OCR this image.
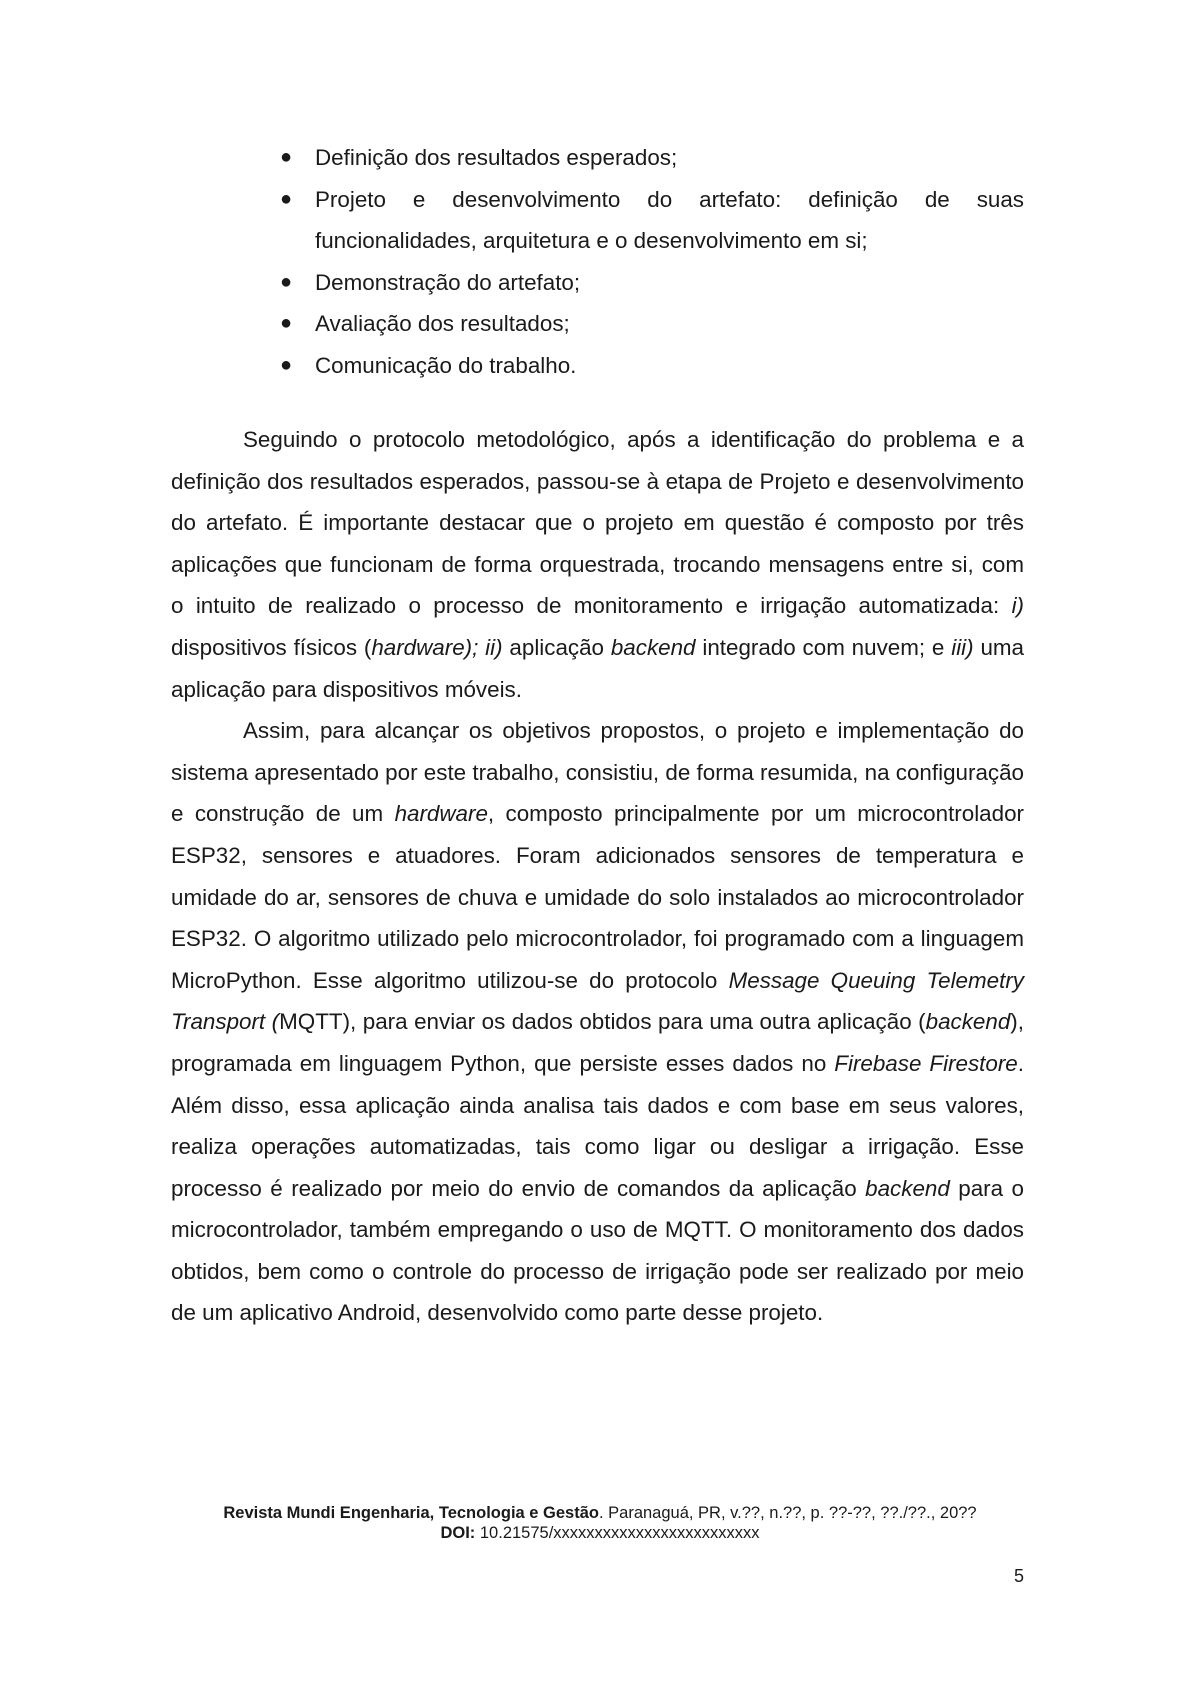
● Definição dos resultados esperados;
● Projeto e desenvolvimento do artefato: definição de suas funcionalidades, arquitetura e o desenvolvimento em si;
● Demonstração do artefato;
● Avaliação dos resultados;
● Comunicação do trabalho.

Seguindo o protocolo metodológico, após a identificação do problema e a definição dos resultados esperados, passou-se à etapa de Projeto e desenvolvimento do artefato. É importante destacar que o projeto em questão é composto por três aplicações que funcionam de forma orquestrada, trocando mensagens entre si, com o intuito de realizado o processo de monitoramento e irrigação automatizada: i) dispositivos físicos (hardware); ii) aplicação backend integrado com nuvem; e iii) uma aplicação para dispositivos móveis.

Assim, para alcançar os objetivos propostos, o projeto e implementação do sistema apresentado por este trabalho, consistiu, de forma resumida, na configuração e construção de um hardware, composto principalmente por um microcontrolador ESP32, sensores e atuadores. Foram adicionados sensores de temperatura e umidade do ar, sensores de chuva e umidade do solo instalados ao microcontrolador ESP32. O algoritmo utilizado pelo microcontrolador, foi programado com a linguagem MicroPython. Esse algoritmo utilizou-se do protocolo Message Queuing Telemetry Transport (MQTT), para enviar os dados obtidos para uma outra aplicação (backend), programada em linguagem Python, que persiste esses dados no Firebase Firestore. Além disso, essa aplicação ainda analisa tais dados e com base em seus valores, realiza operações automatizadas, tais como ligar ou desligar a irrigação. Esse processo é realizado por meio do envio de comandos da aplicação backend para o microcontrolador, também empregando o uso de MQTT. O monitoramento dos dados obtidos, bem como o controle do processo de irrigação pode ser realizado por meio de um aplicativo Android, desenvolvido como parte desse projeto.

Revista Mundi Engenharia, Tecnologia e Gestão. Paranaguá, PR, v.??, n.??, p. ??-??, ??./??., 20??
DOI: 10.21575/xxxxxxxxxxxxxxxxxxxxxxxxx
5
